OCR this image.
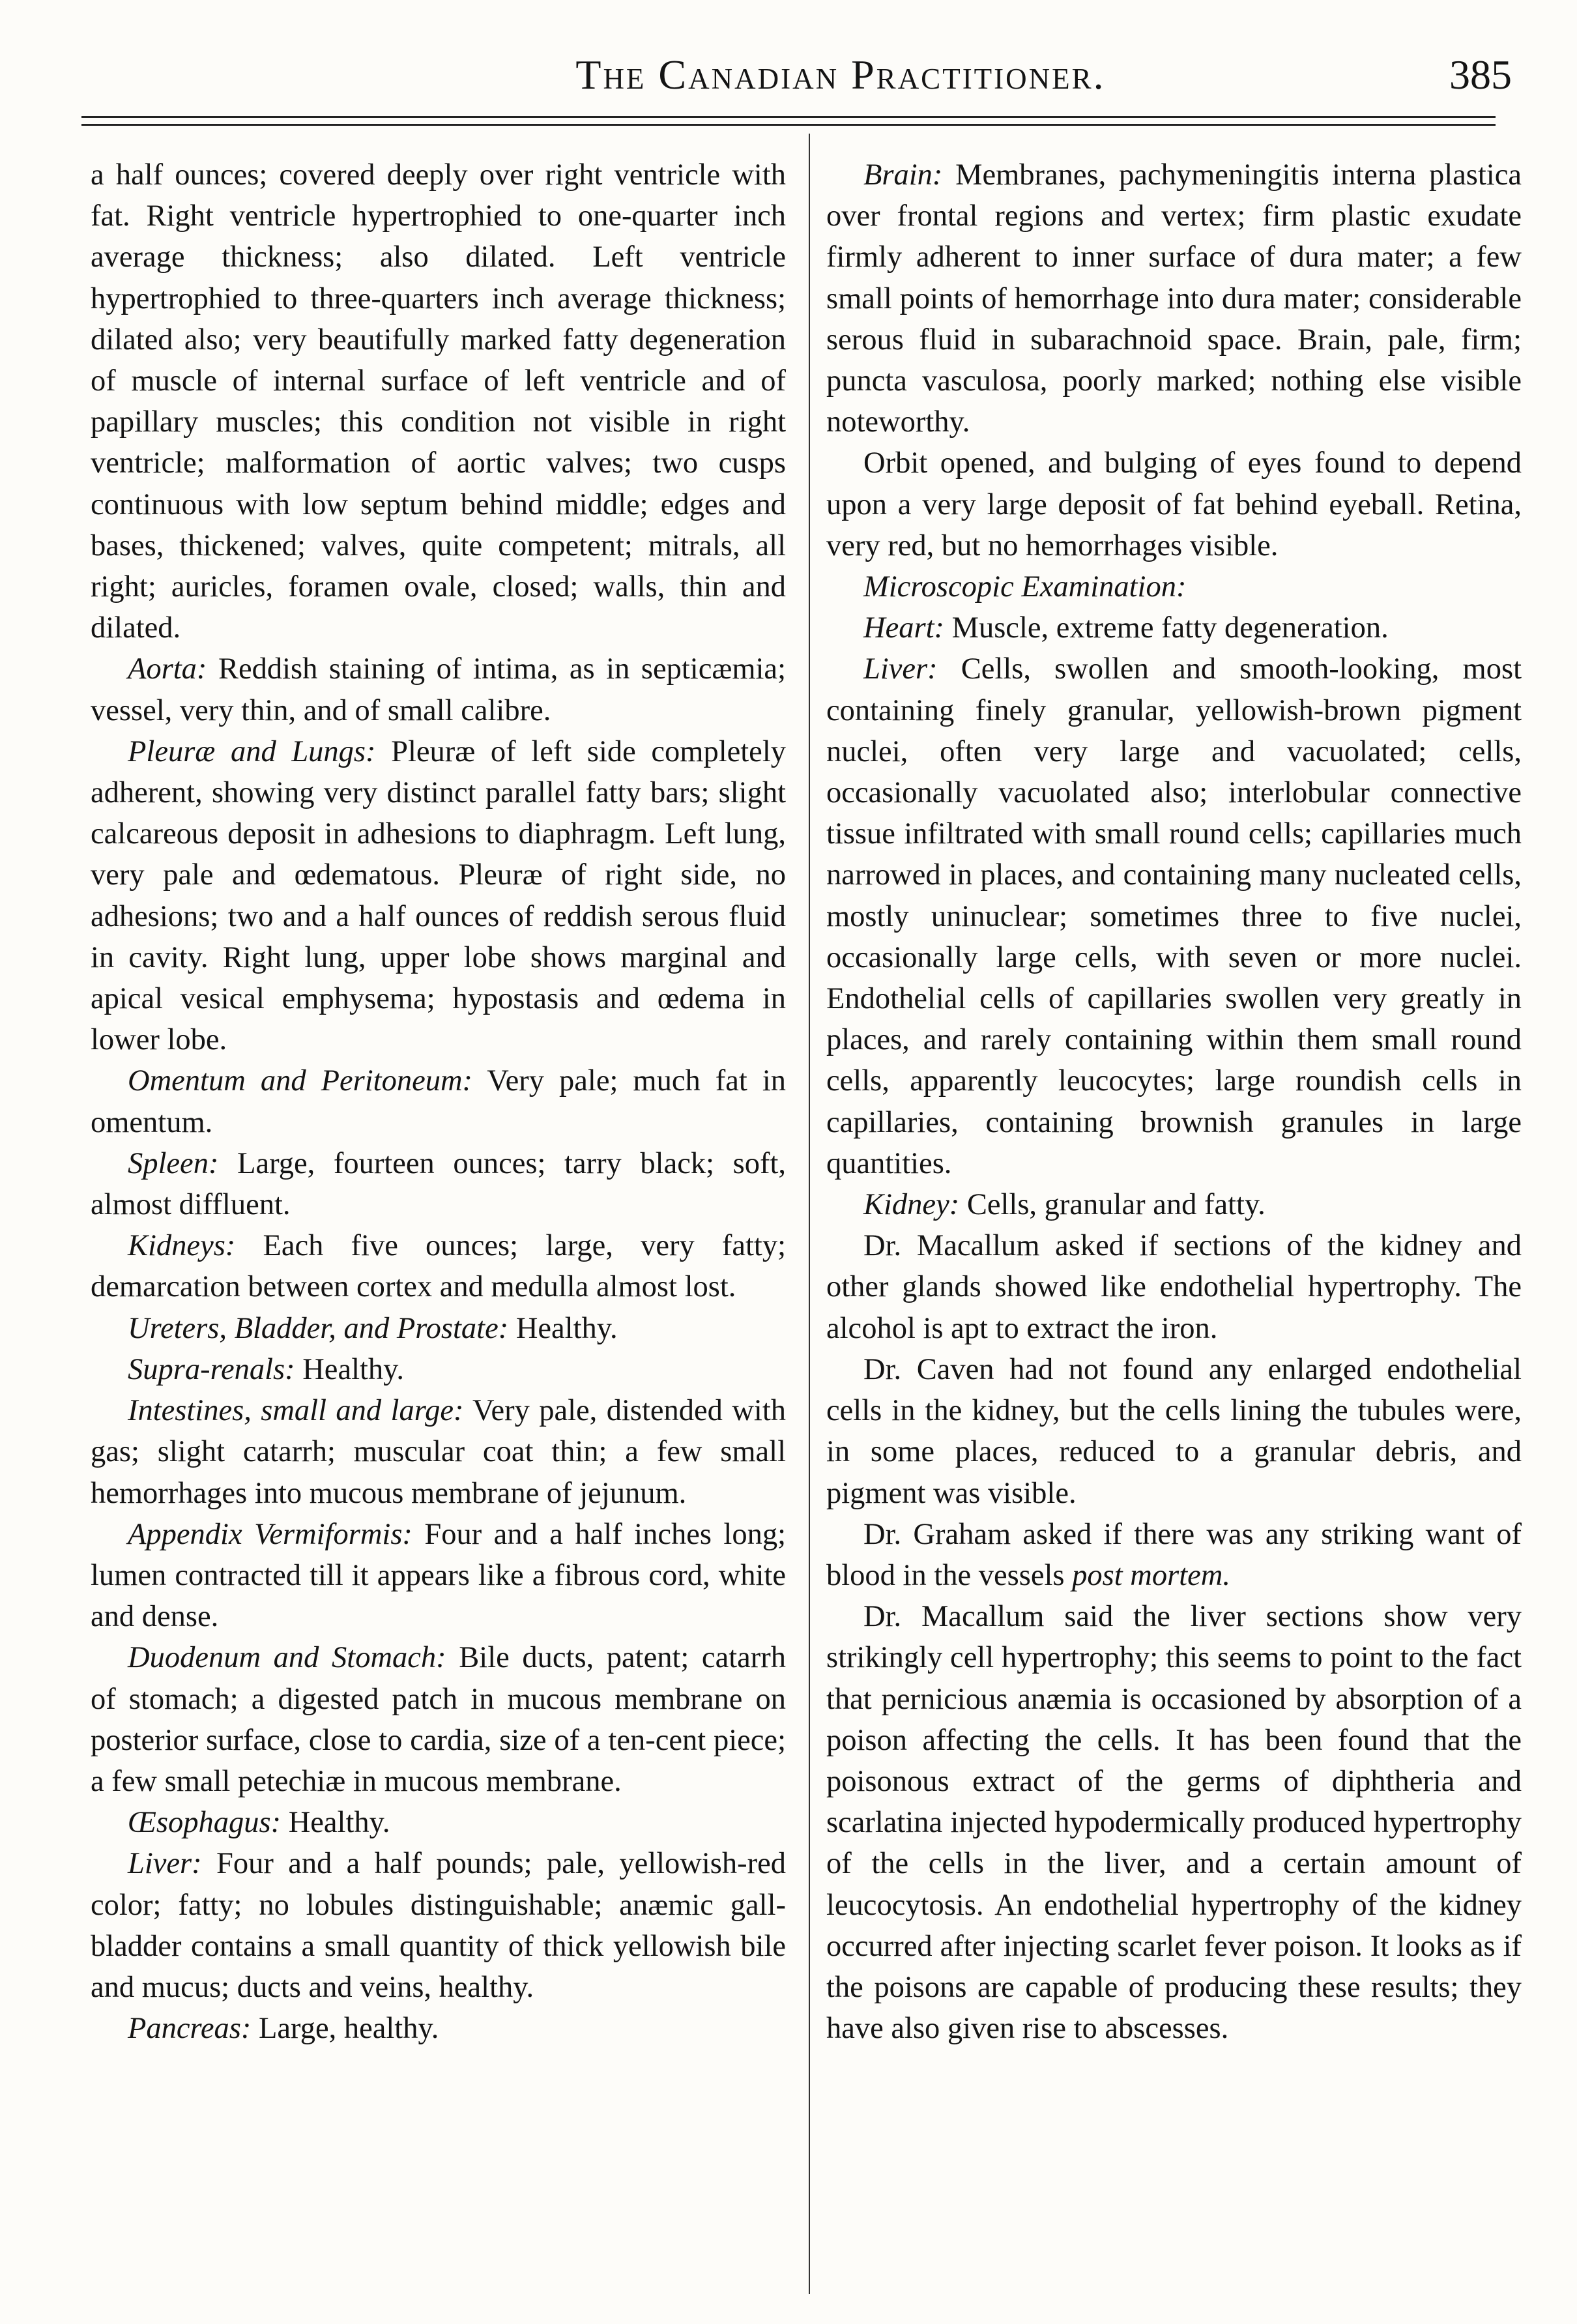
The Canadian Practitioner.	385

a half ounces; covered deeply over right ventricle with fat. Right ventricle hypertrophied to one-quarter inch average thickness; also dilated. Left ventricle hypertrophied to three-quarters inch average thickness; dilated also; very beautifully marked fatty degeneration of muscle of internal surface of left ventricle and of papillary muscles; this condition not visible in right ventricle; malformation of aortic valves; two cusps continuous with low septum behind middle; edges and bases, thickened; valves, quite competent; mitrals, all right; auricles, foramen ovale, closed; walls, thin and dilated.

Aorta: Reddish staining of intima, as in septicæmia; vessel, very thin, and of small calibre.

Pleuræ and Lungs: Pleuræ of left side completely adherent, showing very distinct parallel fatty bars; slight calcareous deposit in adhesions to diaphragm. Left lung, very pale and œdematous. Pleuræ of right side, no adhesions; two and a half ounces of reddish serous fluid in cavity. Right lung, upper lobe shows marginal and apical vesical emphysema; hypostasis and œdema in lower lobe.

Omentum and Peritoneum: Very pale; much fat in omentum.

Spleen: Large, fourteen ounces; tarry black; soft, almost diffluent.

Kidneys: Each five ounces; large, very fatty; demarcation between cortex and medulla almost lost.

Ureters, Bladder, and Prostate: Healthy.

Supra-renals: Healthy.

Intestines, small and large: Very pale, distended with gas; slight catarrh; muscular coat thin; a few small hemorrhages into mucous membrane of jejunum.

Appendix Vermiformis: Four and a half inches long; lumen contracted till it appears like a fibrous cord, white and dense.

Duodenum and Stomach: Bile ducts, patent; catarrh of stomach; a digested patch in mucous membrane on posterior surface, close to cardia, size of a ten-cent piece; a few small petechiæ in mucous membrane.

Œsophagus: Healthy.

Liver: Four and a half pounds; pale, yellowish-red color; fatty; no lobules distinguishable; anæmic gall-bladder contains a small quantity of thick yellowish bile and mucus; ducts and veins, healthy.

Pancreas: Large, healthy.

Brain: Membranes, pachymeningitis interna plastica over frontal regions and vertex; firm plastic exudate firmly adherent to inner surface of dura mater; a few small points of hemorrhage into dura mater; considerable serous fluid in subarachnoid space. Brain, pale, firm; puncta vasculosa, poorly marked; nothing else visible noteworthy.

Orbit opened, and bulging of eyes found to depend upon a very large deposit of fat behind eyeball. Retina, very red, but no hemorrhages visible.

Microscopic Examination:

Heart: Muscle, extreme fatty degeneration.

Liver: Cells, swollen and smooth-looking, most containing finely granular, yellowish-brown pigment nuclei, often very large and vacuolated; cells, occasionally vacuolated also; interlobular connective tissue infiltrated with small round cells; capillaries much narrowed in places, and containing many nucleated cells, mostly uninuclear; sometimes three to five nuclei, occasionally large cells, with seven or more nuclei. Endothelial cells of capillaries swollen very greatly in places, and rarely containing within them small round cells, apparently leucocytes; large roundish cells in capillaries, containing brownish granules in large quantities.

Kidney: Cells, granular and fatty.

Dr. Macallum asked if sections of the kidney and other glands showed like endothelial hypertrophy. The alcohol is apt to extract the iron.

Dr. Caven had not found any enlarged endothelial cells in the kidney, but the cells lining the tubules were, in some places, reduced to a granular debris, and pigment was visible.

Dr. Graham asked if there was any striking want of blood in the vessels post mortem.

Dr. Macallum said the liver sections show very strikingly cell hypertrophy; this seems to point to the fact that pernicious anæmia is occasioned by absorption of a poison affecting the cells. It has been found that the poisonous extract of the germs of diphtheria and scarlatina injected hypodermically produced hypertrophy of the cells in the liver, and a certain amount of leucocytosis. An endothelial hypertrophy of the kidney occurred after injecting scarlet fever poison. It looks as if the poisons are capable of producing these results; they have also given rise to abscesses.
